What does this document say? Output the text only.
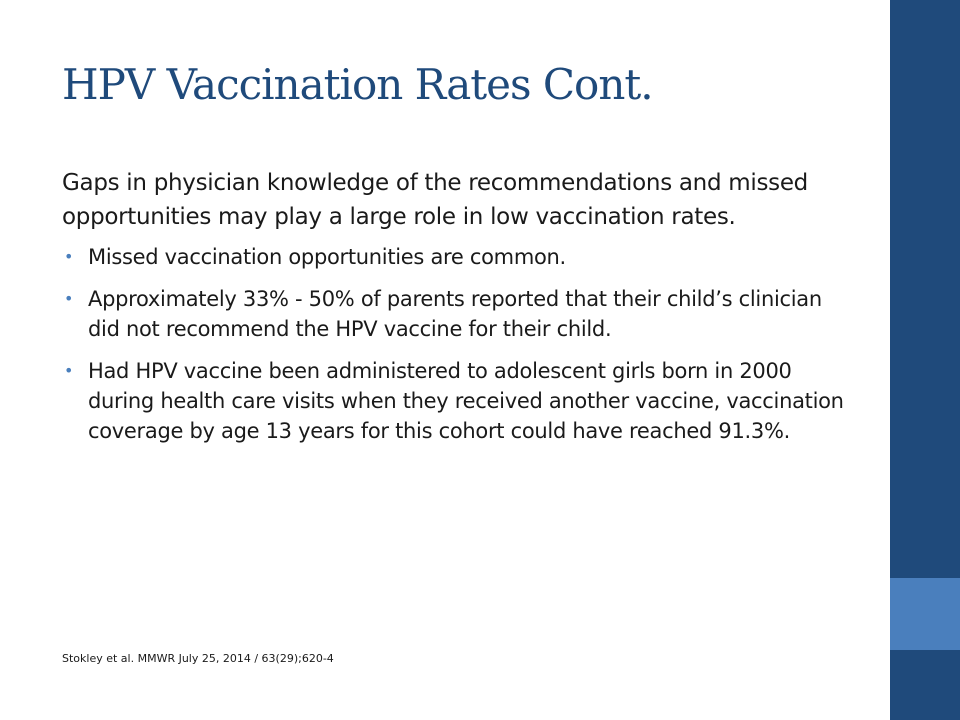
HPV Vaccination Rates Cont.

Gaps in physician knowledge of the recommendations and missed opportunities may play a large role in low vaccination rates.

• Missed vaccination opportunities are common.
• Approximately 33% - 50% of parents reported that their child’s clinician did not recommend the HPV vaccine for their child.
• Had HPV vaccine been administered to adolescent girls born in 2000 during health care visits when they received another vaccine, vaccination coverage by age 13 years for this cohort could have reached 91.3%.

Stokley et al. MMWR July 25, 2014 / 63(29);620-4
